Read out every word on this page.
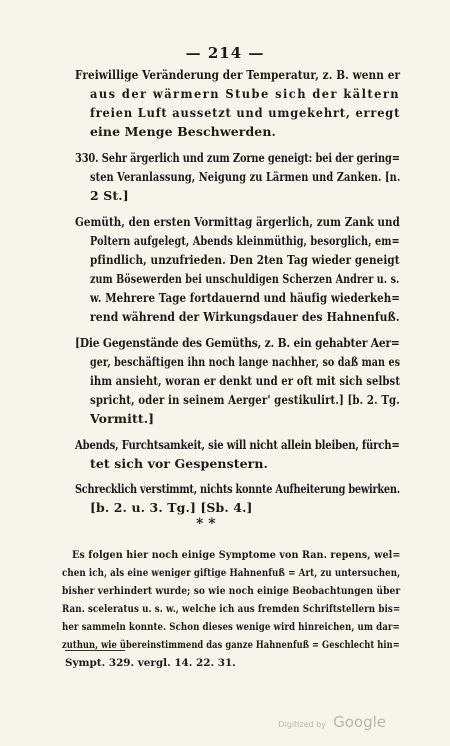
— 214 —
Freiwillige Veränderung der Temperatur, z. B. wenn er
aus der wärmern Stube sich der kältern
freien Luft aussetzt und umgekehrt, erregt
eine Menge Beschwerden.
330. Sehr ärgerlich und zum Zorne geneigt: bei der gering=
sten Veranlassung, Neigung zu Lärmen und Zanken. [n.
2 St.]
Gemüth, den ersten Vormittag ärgerlich, zum Zank und
Poltern aufgelegt, Abends kleinmüthig, besorglich, em=
pfindlich, unzufrieden. Den 2ten Tag wieder geneigt
zum Bösewerden bei unschuldigen Scherzen Andrer u. s.
w. Mehrere Tage fortdauernd und häufig wiederkeh=
rend während der Wirkungsdauer des Hahnenfuß.
[Die Gegenstände des Gemüths, z. B. ein gehabter Aer=
ger, beschäftigen ihn noch lange nachher, so daß man es
ihm ansieht, woran er denkt und er oft mit sich selbst
spricht, oder in seinem Aerger' gestikulirt.] [b. 2. Tg.
Vormitt.]
Abends, Furchtsamkeit, sie will nicht allein bleiben, fürch=
tet sich vor Gespenstern.
Schrecklich verstimmt, nichts konnte Aufheiterung bewirken.
[b. 2. u. 3. Tg.] [Sb. 4.]
* *
Es folgen hier noch einige Symptome von Ran. repens, wel=
chen ich, als eine weniger giftige Hahnenfuß = Art, zu untersuchen,
bisher verhindert wurde; so wie noch einige Beobachtungen über
Ran. sceleratus u. s. w., welche ich aus fremden Schriftstellern bis=
her sammeln konnte. Schon dieses wenige wird hinreichen, um dar=
zuthun, wie übereinstimmend das ganze Hahnenfuß = Geschlecht hin=
Sympt. 329. vergl. 14. 22. 31.
Digitized by Google
